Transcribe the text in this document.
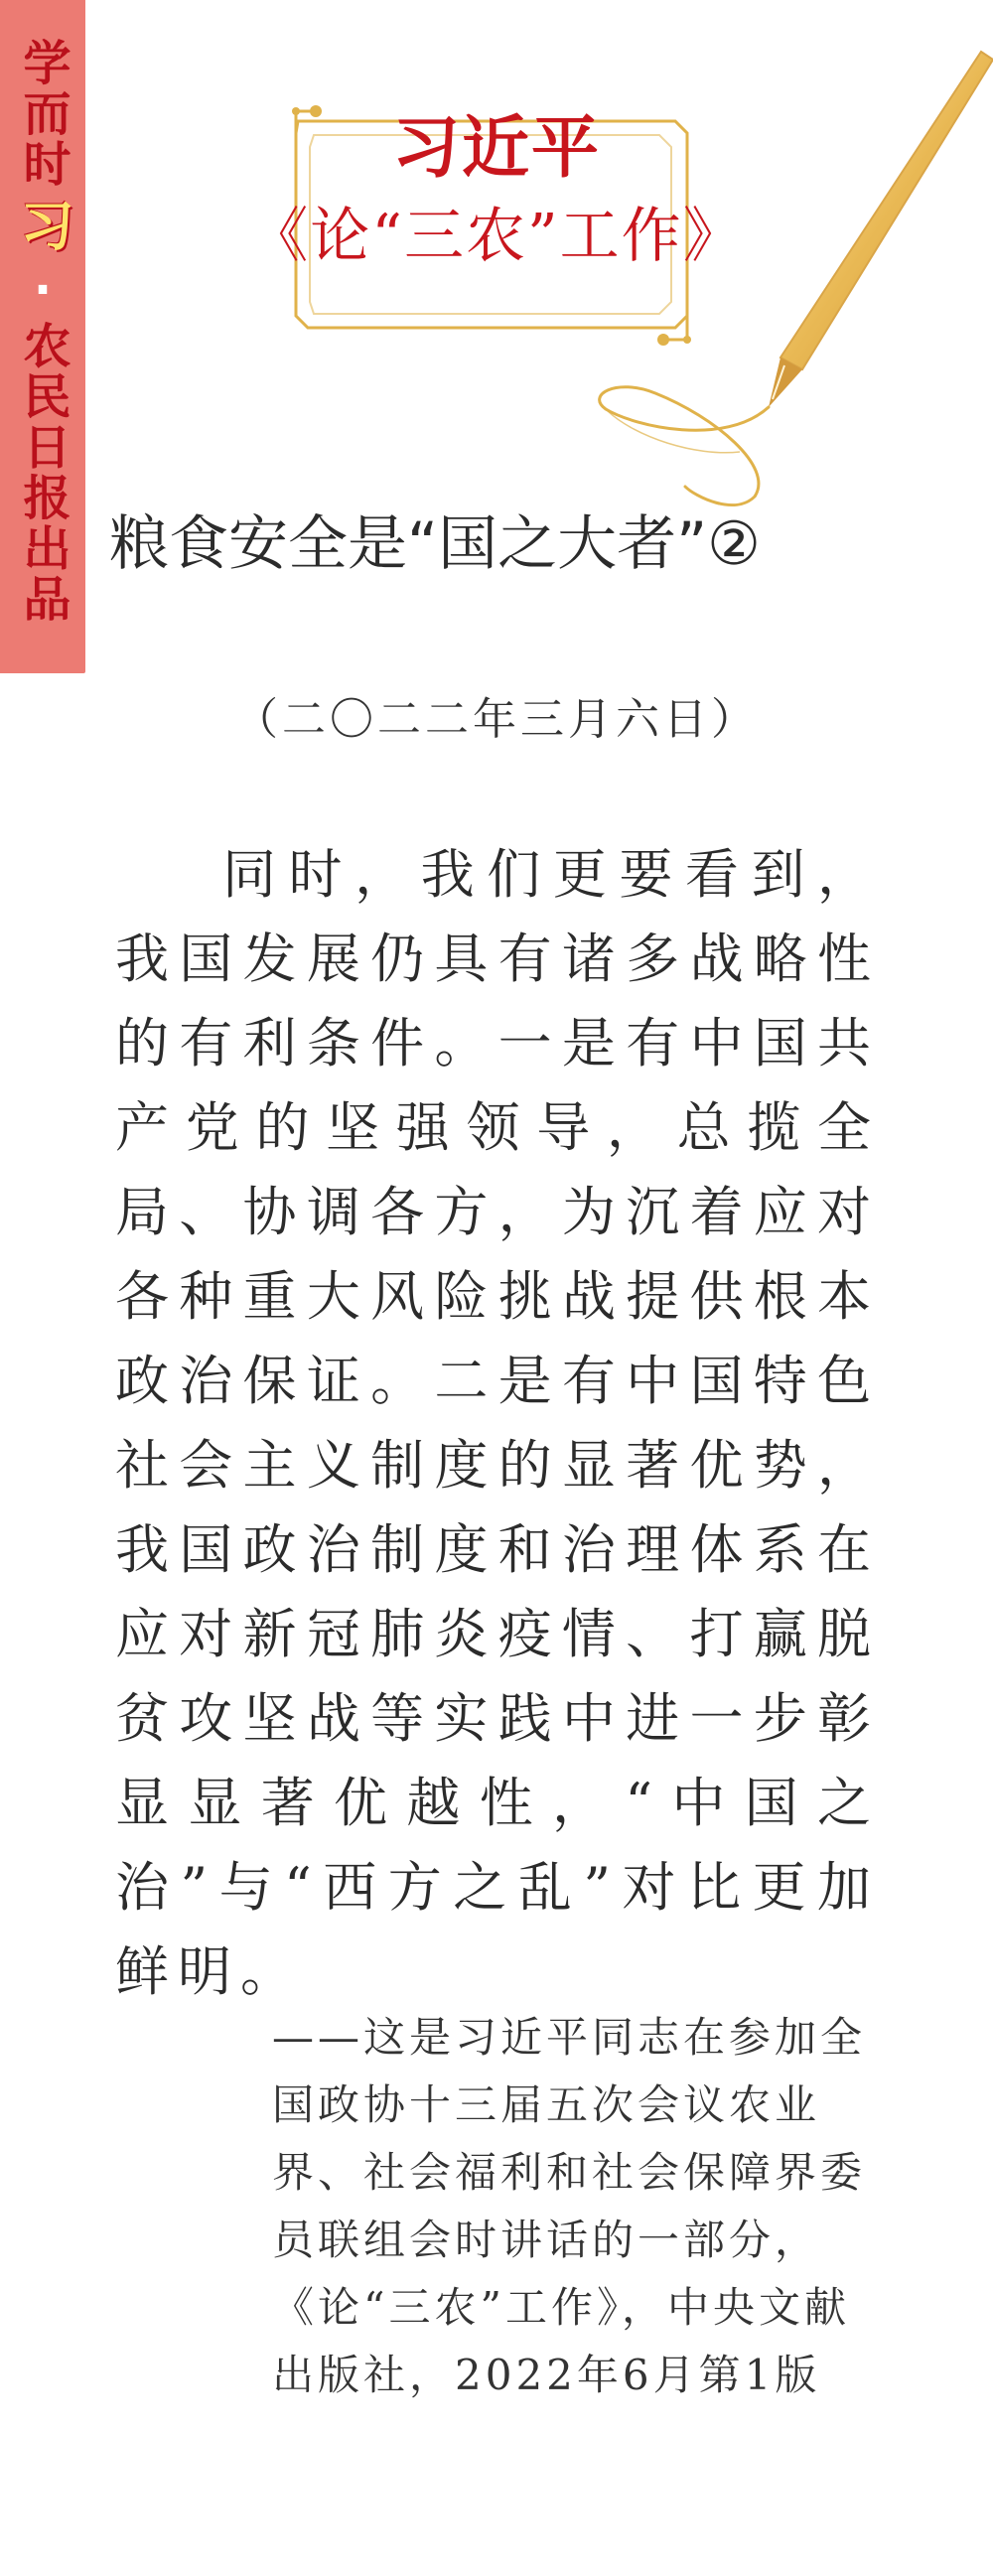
学而时习·农民日报出品
习近平
《论“三农”工作》
粮食安全是“国之大者”②
（二〇二二年三月六日）
同时，我们更要看到，我国发展仍具有诸多战略性的有利条件。一是有中国共产党的坚强领导，总揽全局、协调各方，为沉着应对各种重大风险挑战提供根本政治保证。二是有中国特色社会主义制度的显著优势，我国政治制度和治理体系在应对新冠肺炎疫情、打赢脱贫攻坚战等实践中进一步彰显显著优越性，“中国之治”与“西方之乱”对比更加鲜明。
——这是习近平同志在参加全国政协十三届五次会议农业界、社会福利和社会保障界委员联组会时讲话的一部分，《论“三农”工作》，中央文献出版社，2022年6月第1版
